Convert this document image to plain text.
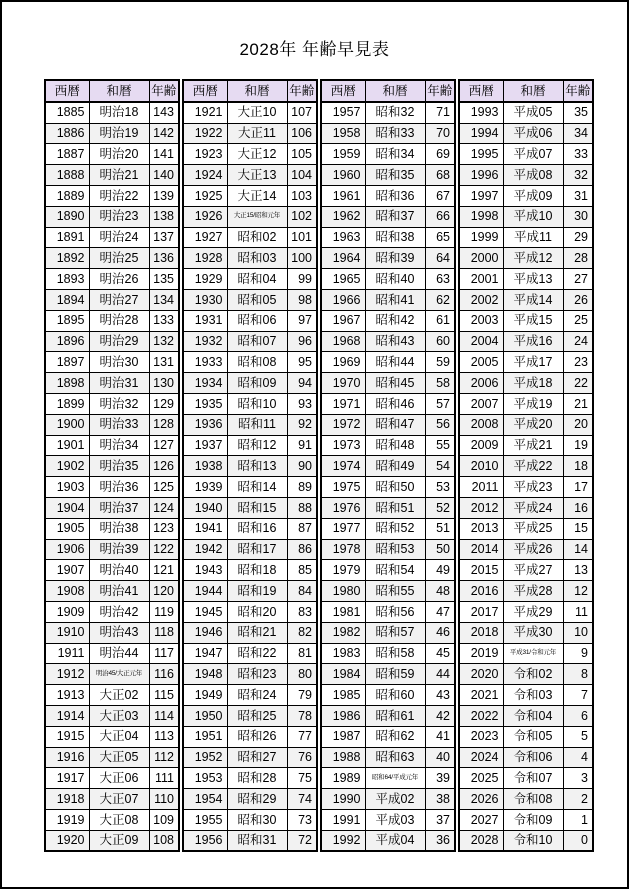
2028年 年齢早見表
西暦	和暦	年齢
1885	明治18	143
1886	明治19	142
1887	明治20	141
1888	明治21	140
1889	明治22	139
1890	明治23	138
1891	明治24	137
1892	明治25	136
1893	明治26	135
1894	明治27	134
1895	明治28	133
1896	明治29	132
1897	明治30	131
1898	明治31	130
1899	明治32	129
1900	明治33	128
1901	明治34	127
1902	明治35	126
1903	明治36	125
1904	明治37	124
1905	明治38	123
1906	明治39	122
1907	明治40	121
1908	明治41	120
1909	明治42	119
1910	明治43	118
1911	明治44	117
1912	明治45/大正元年	116
1913	大正02	115
1914	大正03	114
1915	大正04	113
1916	大正05	112
1917	大正06	111
1918	大正07	110
1919	大正08	109
1920	大正09	108
西暦	和暦	年齢
1921	大正10	107
1922	大正11	106
1923	大正12	105
1924	大正13	104
1925	大正14	103
1926	大正15/昭和元年	102
1927	昭和02	101
1928	昭和03	100
1929	昭和04	99
1930	昭和05	98
1931	昭和06	97
1932	昭和07	96
1933	昭和08	95
1934	昭和09	94
1935	昭和10	93
1936	昭和11	92
1937	昭和12	91
1938	昭和13	90
1939	昭和14	89
1940	昭和15	88
1941	昭和16	87
1942	昭和17	86
1943	昭和18	85
1944	昭和19	84
1945	昭和20	83
1946	昭和21	82
1947	昭和22	81
1948	昭和23	80
1949	昭和24	79
1950	昭和25	78
1951	昭和26	77
1952	昭和27	76
1953	昭和28	75
1954	昭和29	74
1955	昭和30	73
1956	昭和31	72
西暦	和暦	年齢
1957	昭和32	71
1958	昭和33	70
1959	昭和34	69
1960	昭和35	68
1961	昭和36	67
1962	昭和37	66
1963	昭和38	65
1964	昭和39	64
1965	昭和40	63
1966	昭和41	62
1967	昭和42	61
1968	昭和43	60
1969	昭和44	59
1970	昭和45	58
1971	昭和46	57
1972	昭和47	56
1973	昭和48	55
1974	昭和49	54
1975	昭和50	53
1976	昭和51	52
1977	昭和52	51
1978	昭和53	50
1979	昭和54	49
1980	昭和55	48
1981	昭和56	47
1982	昭和57	46
1983	昭和58	45
1984	昭和59	44
1985	昭和60	43
1986	昭和61	42
1987	昭和62	41
1988	昭和63	40
1989	昭和64/平成元年	39
1990	平成02	38
1991	平成03	37
1992	平成04	36
西暦	和暦	年齢
1993	平成05	35
1994	平成06	34
1995	平成07	33
1996	平成08	32
1997	平成09	31
1998	平成10	30
1999	平成11	29
2000	平成12	28
2001	平成13	27
2002	平成14	26
2003	平成15	25
2004	平成16	24
2005	平成17	23
2006	平成18	22
2007	平成19	21
2008	平成20	20
2009	平成21	19
2010	平成22	18
2011	平成23	17
2012	平成24	16
2013	平成25	15
2014	平成26	14
2015	平成27	13
2016	平成28	12
2017	平成29	11
2018	平成30	10
2019	平成31/令和元年	9
2020	令和02	8
2021	令和03	7
2022	令和04	6
2023	令和05	5
2024	令和06	4
2025	令和07	3
2026	令和08	2
2027	令和09	1
2028	令和10	0
